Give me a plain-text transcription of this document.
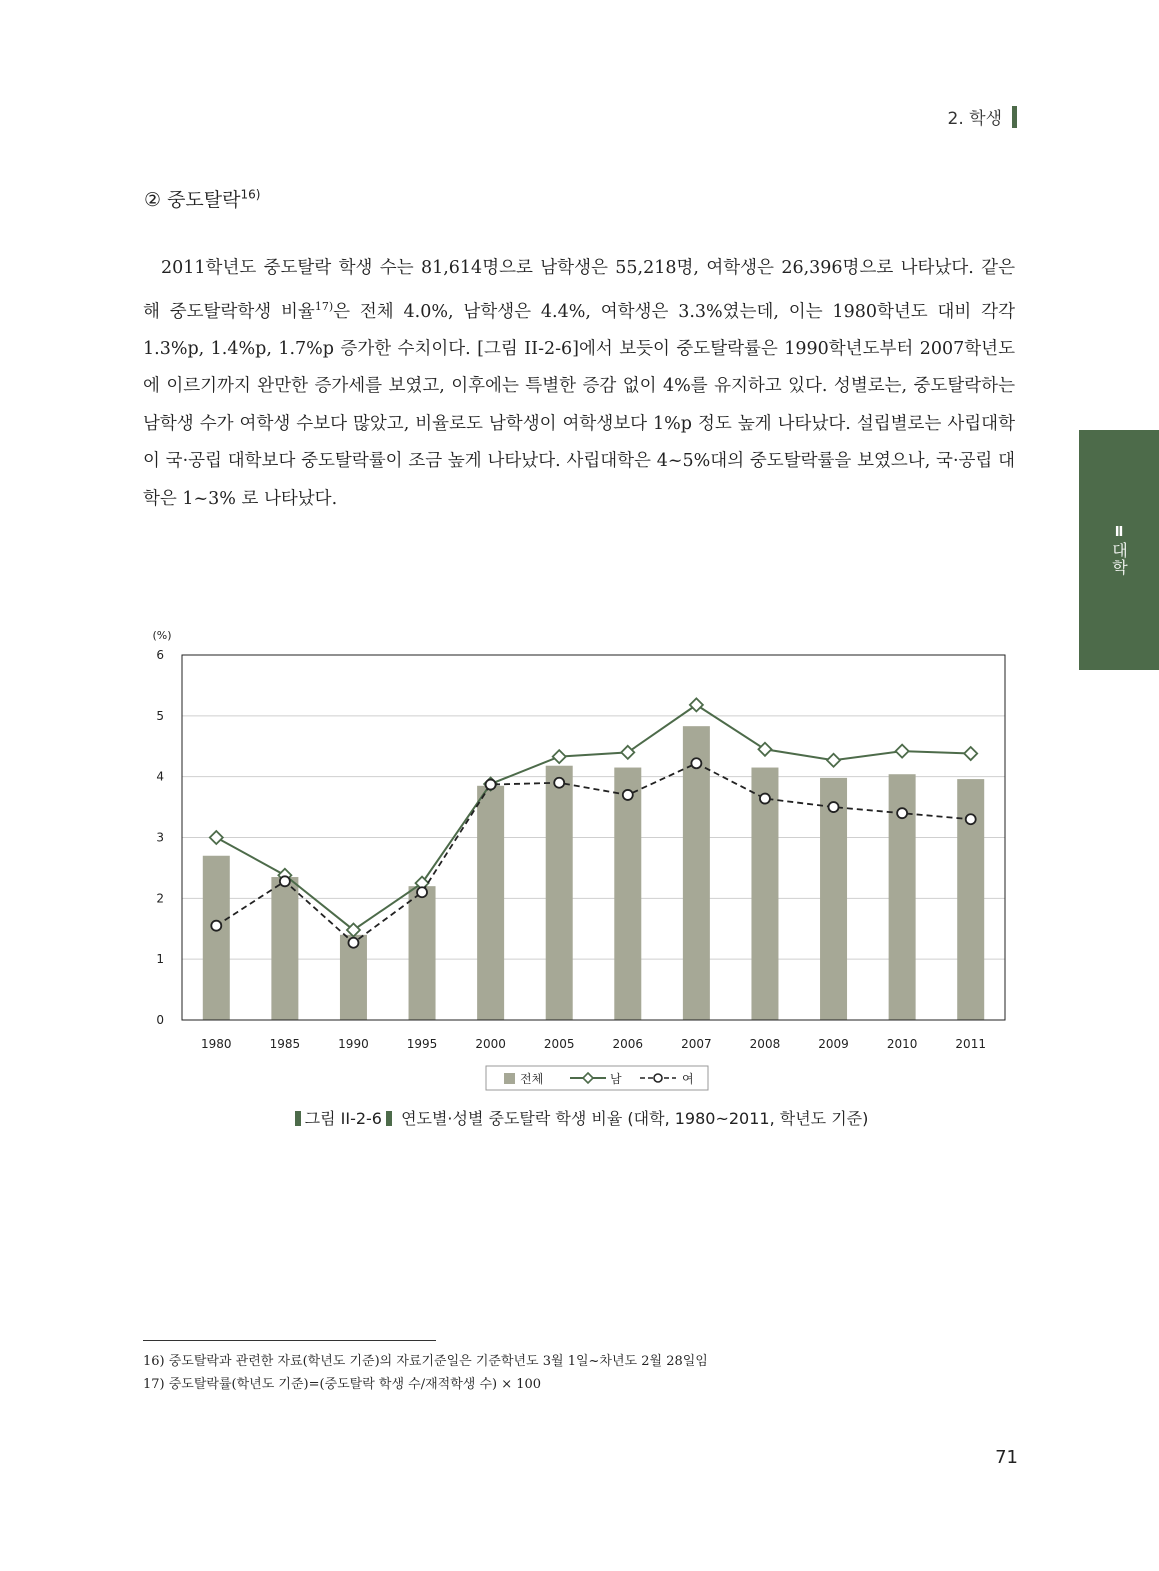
2. 학생
Ⅱ
대학
② 중도탈락$^{16)}$

2011학년도 중도탈락 학생 수는 81,614명으로 남학생은 55,218명, 여학생은 26,396명으로 나타났다. 같은 해 중도탈락학생 비율$^{17)}$은 전체 4.0%, 남학생은 4.4%, 여학생은 3.3%였는데, 이는 1980학년도 대비 각각 1.3%p, 1.4%p, 1.7%p 증가한 수치이다. [그림 II-2-6]에서 보듯이 중도탈락률은 1990학년도부터 2007학년도에 이르기까지 완만한 증가세를 보였고, 이후에는 특별한 증감 없이 4%를 유지하고 있다. 성별로는, 중도탈락하는 남학생 수가 여학생 수보다 많았고, 비율로도 남학생이 여학생보다 1%p 정도 높게 나타났다. 설립별로는 사립대학이 국·공립 대학보다 중도탈락률이 조금 높게 나타났다. 사립대학은 4~5%대의 중도탈락률을 보였으나, 국·공립 대학은 1~3% 로 나타났다.

0
1
2
3
4
5
6
(%)
1980	1985	1990	1995	2000	2005	2006	2007	2008	2009	2010	2011
전체	남	여
그림 II-2-6 연도별·성별 중도탈락 학생 비율 (대학, 1980~2011, 학년도 기준)
16) 중도탈락과 관련한 자료(학년도 기준)의 자료기준일은 기준학년도 3월 1일~차년도 2월 28일임
17) 중도탈락률(학년도 기준)=(중도탈락 학생 수/재적학생 수) × 100
71
